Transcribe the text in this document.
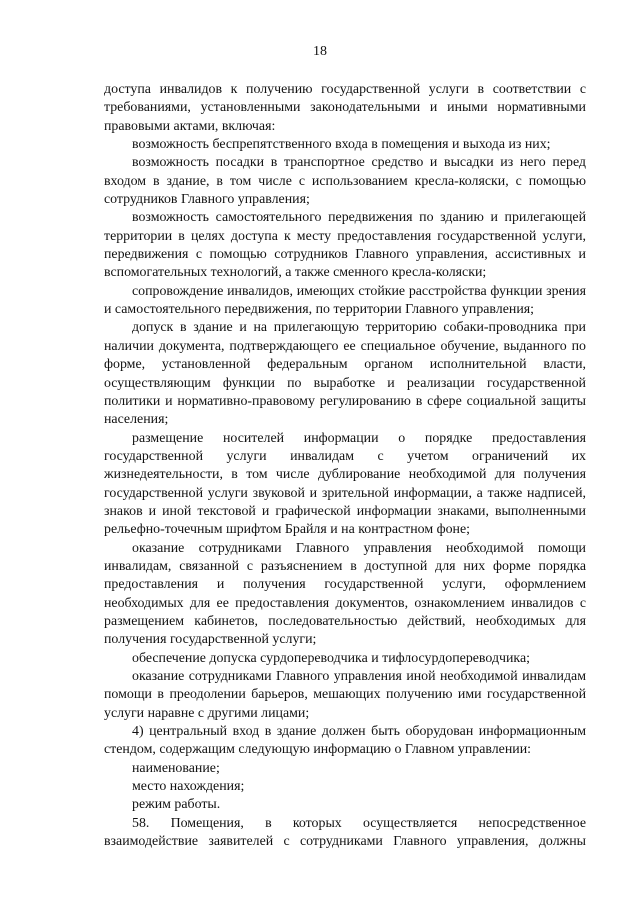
18

доступа инвалидов к получению государственной услуги в соответствии с требованиями, установленными законодательными и иными нормативными правовыми актами, включая:

возможность беспрепятственного входа в помещения и выхода из них;

возможность посадки в транспортное средство и высадки из него перед входом в здание, в том числе с использованием кресла-коляски, с помощью сотрудников Главного управления;

возможность самостоятельного передвижения по зданию и прилегающей территории в целях доступа к месту предоставления государственной услуги, передвижения с помощью сотрудников Главного управления, ассистивных и вспомогательных технологий, а также сменного кресла-коляски;

сопровождение инвалидов, имеющих стойкие расстройства функции зрения и самостоятельного передвижения, по территории Главного управления;

допуск в здание и на прилегающую территорию собаки-проводника при наличии документа, подтверждающего ее специальное обучение, выданного по форме, установленной федеральным органом исполнительной власти, осуществляющим функции по выработке и реализации государственной политики и нормативно-правовому регулированию в сфере социальной защиты населения;

размещение носителей информации о порядке предоставления государственной услуги инвалидам с учетом ограничений их жизнедеятельности, в том числе дублирование необходимой для получения государственной услуги звуковой и зрительной информации, а также надписей, знаков и иной текстовой и графической информации знаками, выполненными рельефно-точечным шрифтом Брайля и на контрастном фоне;

оказание сотрудниками Главного управления необходимой помощи инвалидам, связанной с разъяснением в доступной для них форме порядка предоставления и получения государственной услуги, оформлением необходимых для ее предоставления документов, ознакомлением инвалидов с размещением кабинетов, последовательностью действий, необходимых для получения государственной услуги;

обеспечение допуска сурдопереводчика и тифлосурдопереводчика;

оказание сотрудниками Главного управления иной необходимой инвалидам помощи в преодолении барьеров, мешающих получению ими государственной услуги наравне с другими лицами;

4) центральный вход в здание должен быть оборудован информационным стендом, содержащим следующую информацию о Главном управлении:

наименование;

место нахождения;

режим работы.

58. Помещения, в которых осуществляется непосредственное взаимодействие заявителей с сотрудниками Главного управления, должны
